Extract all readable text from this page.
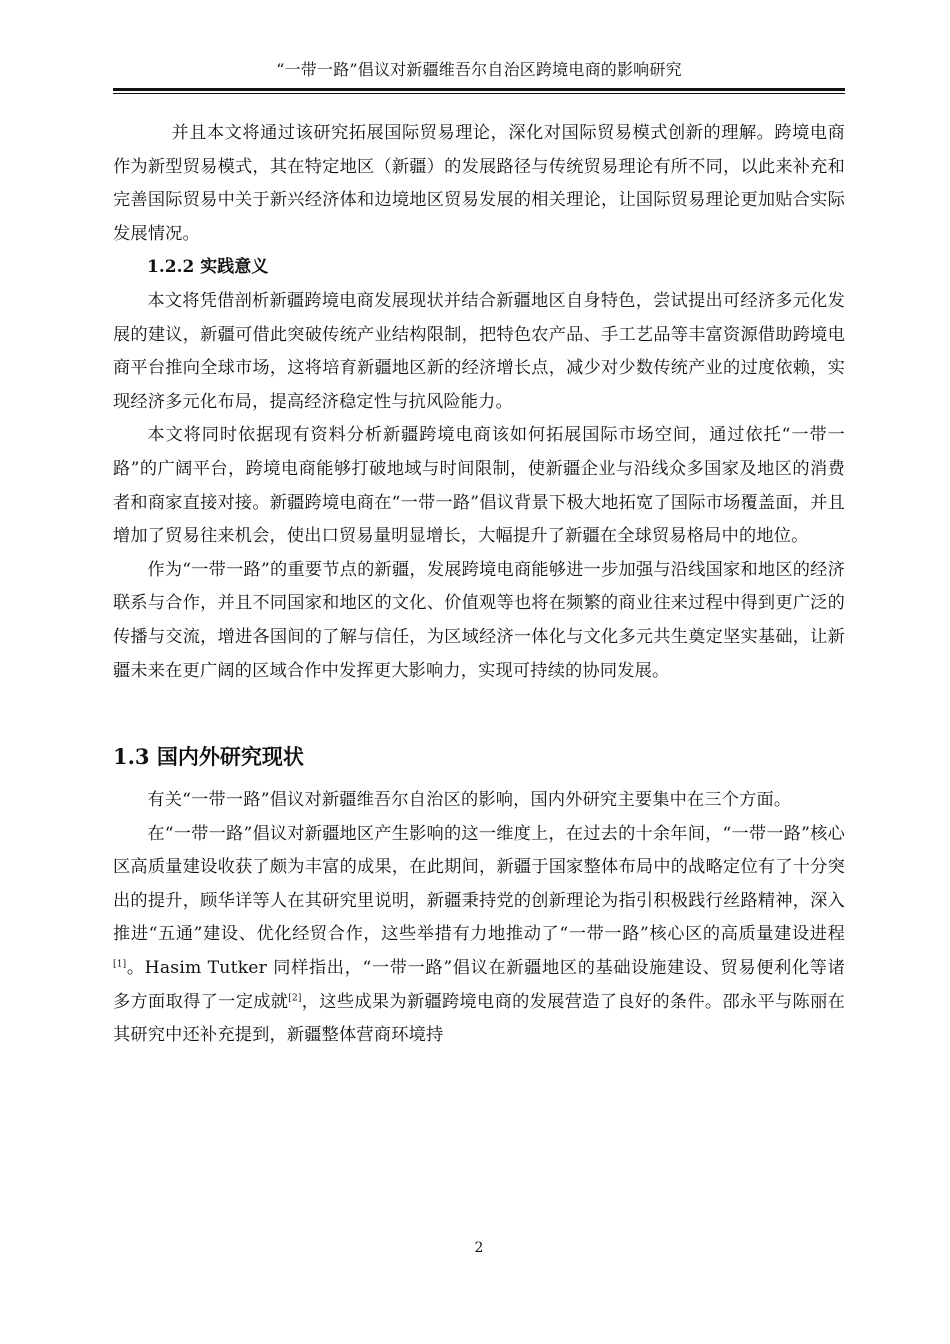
“一带一路”倡议对新疆维吾尔自治区跨境电商的影响研究

并且本文将通过该研究拓展国际贸易理论，深化对国际贸易模式创新的理解。跨境电商作为新型贸易模式，其在特定地区（新疆）的发展路径与传统贸易理论有所不同，以此来补充和完善国际贸易中关于新兴经济体和边境地区贸易发展的相关理论，让国际贸易理论更加贴合实际发展情况。

1.2.2 实践意义

本文将凭借剖析新疆跨境电商发展现状并结合新疆地区自身特色，尝试提出可经济多元化发展的建议，新疆可借此突破传统产业结构限制，把特色农产品、手工艺品等丰富资源借助跨境电商平台推向全球市场，这将培育新疆地区新的经济增长点，减少对少数传统产业的过度依赖，实现经济多元化布局，提高经济稳定性与抗风险能力。

本文将同时依据现有资料分析新疆跨境电商该如何拓展国际市场空间，通过依托“一带一路”的广阔平台，跨境电商能够打破地域与时间限制，使新疆企业与沿线众多国家及地区的消费者和商家直接对接。新疆跨境电商在“一带一路”倡议背景下极大地拓宽了国际市场覆盖面，并且增加了贸易往来机会，使出口贸易量明显增长，大幅提升了新疆在全球贸易格局中的地位。

作为“一带一路”的重要节点的新疆，发展跨境电商能够进一步加强与沿线国家和地区的经济联系与合作，并且不同国家和地区的文化、价值观等也将在频繁的商业往来过程中得到更广泛的传播与交流，增进各国间的了解与信任，为区域经济一体化与文化多元共生奠定坚实基础，让新疆未来在更广阔的区域合作中发挥更大影响力，实现可持续的协同发展。

1.3 国内外研究现状

有关“一带一路”倡议对新疆维吾尔自治区的影响，国内外研究主要集中在三个方面。

在“一带一路”倡议对新疆地区产生影响的这一维度上，在过去的十余年间，“一带一路”核心区高质量建设收获了颇为丰富的成果，在此期间，新疆于国家整体布局中的战略定位有了十分突出的提升，顾华详等人在其研究里说明，新疆秉持党的创新理论为指引积极践行丝路精神，深入推进“五通”建设、优化经贸合作，这些举措有力地推动了“一带一路”核心区的高质量建设进程[1]。Hasim Tutker 同样指出，“一带一路”倡议在新疆地区的基础设施建设、贸易便利化等诸多方面取得了一定成就[2]，这些成果为新疆跨境电商的发展营造了良好的条件。邵永平与陈丽在其研究中还补充提到，新疆整体营商环境持

2
